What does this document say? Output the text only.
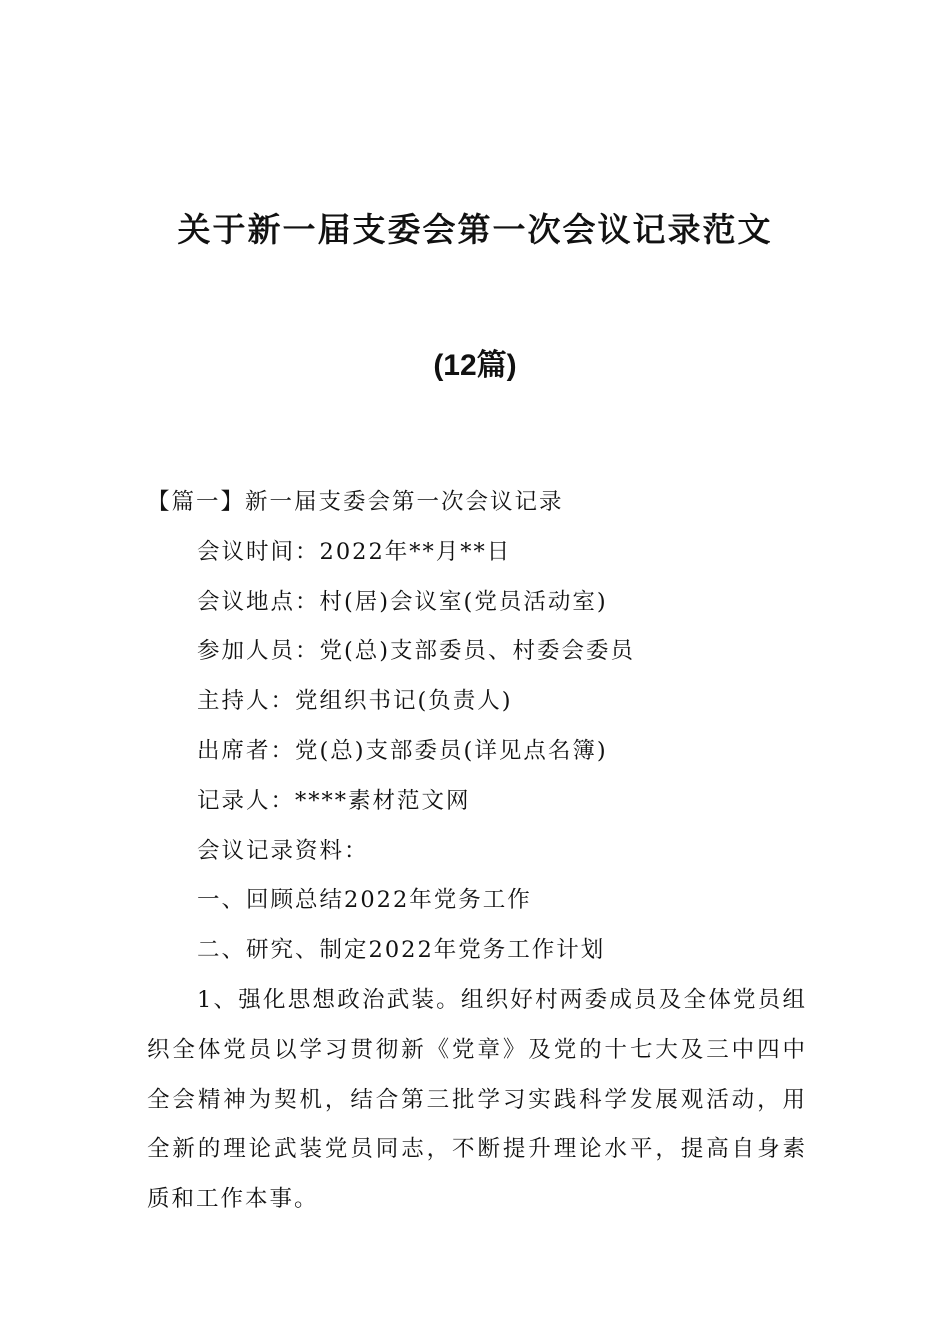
关于新一届支委会第一次会议记录范文
(12篇)

【篇一】新一届支委会第一次会议记录

会议时间：2022年**月**日

会议地点：村(居)会议室(党员活动室)

参加人员：党(总)支部委员、村委会委员

主持人：党组织书记(负责人)

出席者：党(总)支部委员(详见点名簿)

记录人：****素材范文网

会议记录资料：

一、回顾总结2022年党务工作

二、研究、制定2022年党务工作计划

1、强化思想政治武装。组织好村两委成员及全体党员组织全体党员以学习贯彻新《党章》及党的十七大及三中四中全会精神为契机，结合第三批学习实践科学发展观活动，用全新的理论武装党员同志，不断提升理论水平，提高自身素质和工作本事。
